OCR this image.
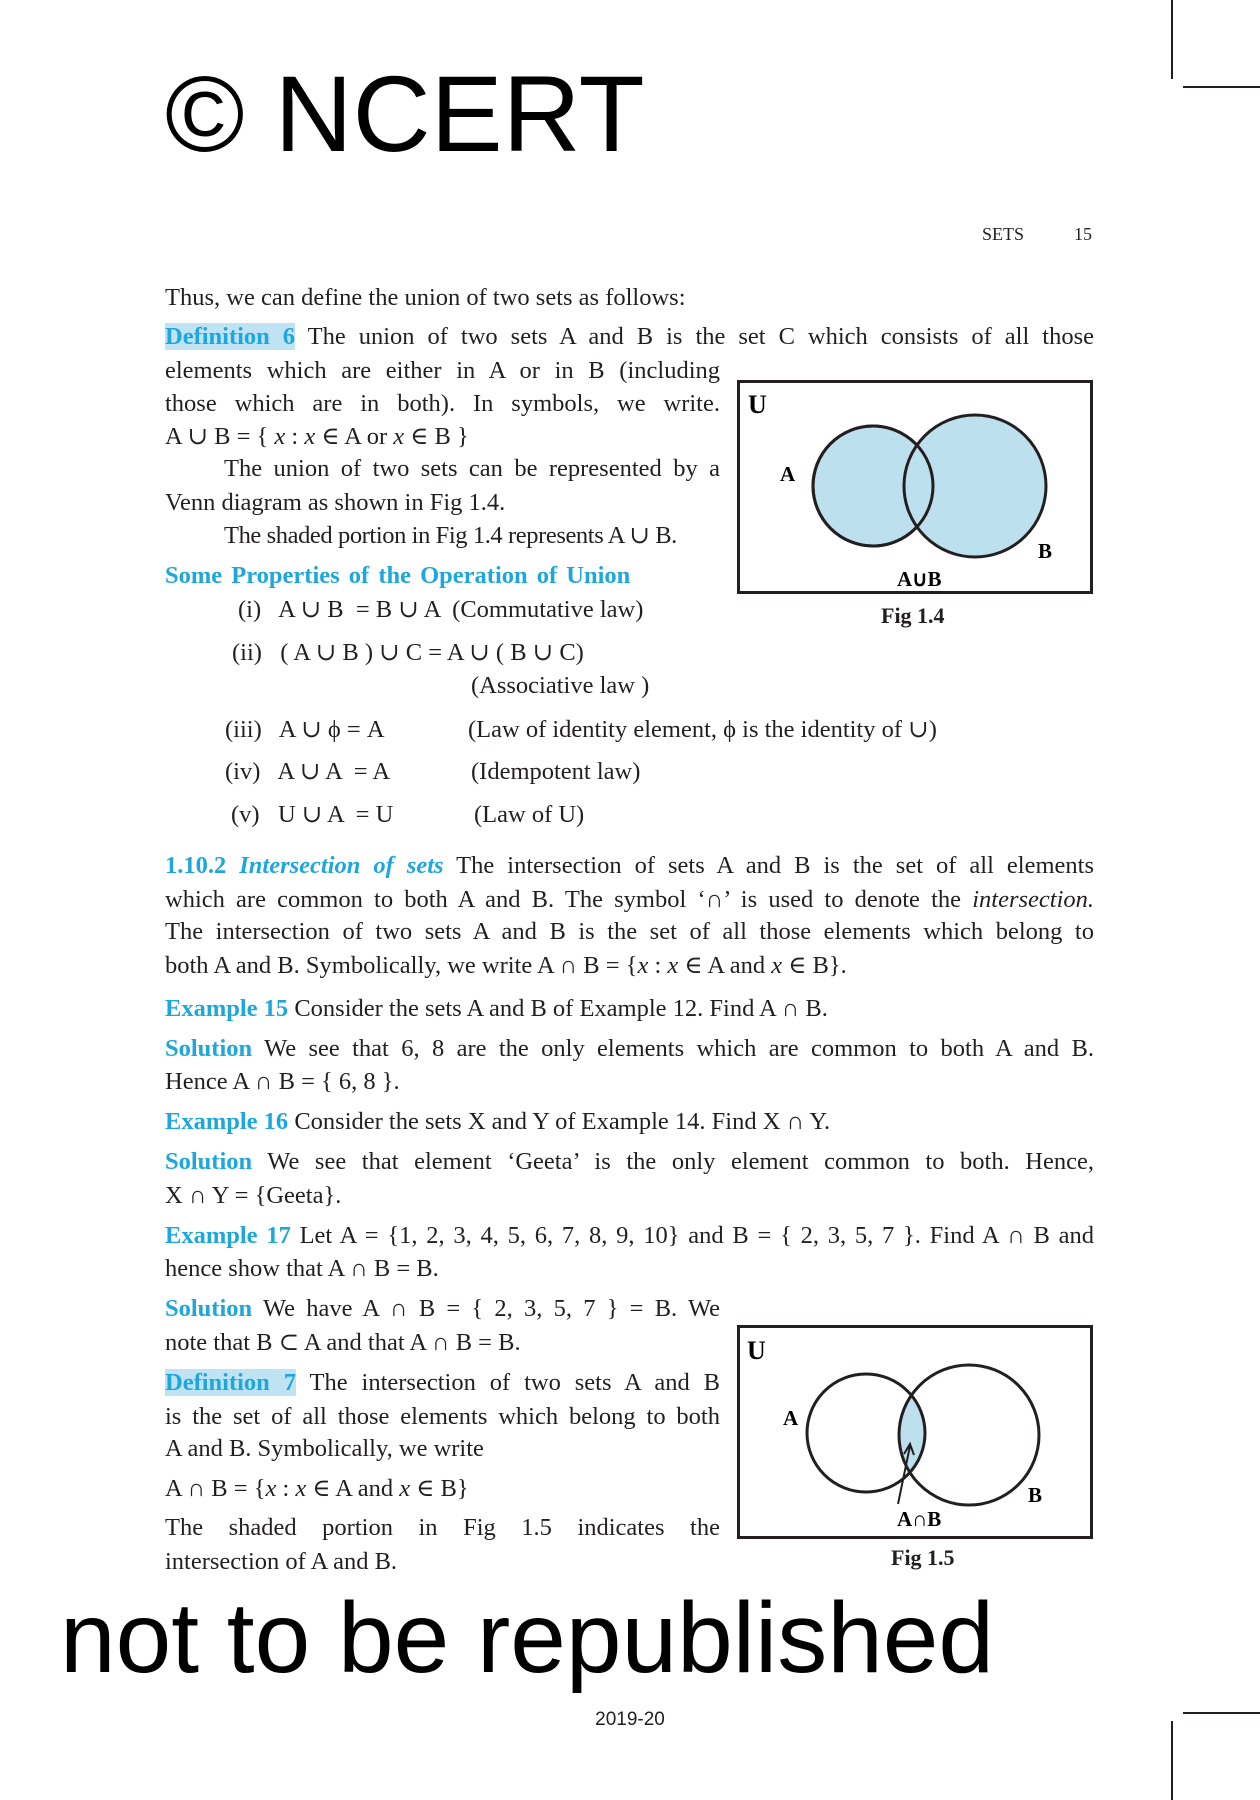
SETS	15
Thus, we can define the union of two sets as follows:
Definition 6 The union of two sets A and B is the set C which consists of all those
elements which are either in A or in B (including
those which are in both). In symbols, we write.
A ∪ B = { x : x ∈ A or x ∈ B }
The union of two sets can be represented by a
Venn diagram as shown in Fig 1.4.
The shaded portion in Fig 1.4 represents A ∪ B.
Some Properties of the Operation of Union
(i)   A ∪ B  = B ∪ A  (Commutative law)
(ii)   ( A ∪ B ) ∪ C = A ∪ ( B ∪ C)
(Associative law )
(iii)   A ∪ ϕ = A	(Law of identity element, ϕ is the identity of ∪)
(iv)   A ∪ A  = A	(Idempotent law)
(v)   U ∪ A  = U	(Law of U)
1.10.2 Intersection of sets The intersection of sets A and B is the set of all elements
which are common to both A and B. The symbol ‘∩’ is used to denote the intersection.
The intersection of two sets A and B is the set of all those elements which belong to
both A and B. Symbolically, we write A ∩ B = {x : x ∈ A and x ∈ B}.
Example 15 Consider the sets A and B of Example 12. Find A ∩ B.
Solution We see that 6, 8 are the only elements which are common to both A and B.
Hence A ∩ B = { 6, 8 }.
Example 16 Consider the sets X and Y of Example 14. Find X ∩ Y.
Solution We see that element ‘Geeta’ is the only element common to both. Hence,
X ∩ Y = {Geeta}.
Example 17 Let A = {1, 2, 3, 4, 5, 6, 7, 8, 9, 10} and B = { 2, 3, 5, 7 }. Find A ∩ B and
hence show that A ∩ B = B.
Solution We have A ∩ B = { 2, 3, 5, 7 } = B. We
note that B ⊂ A and that A ∩ B = B.
Definition 7 The intersection of two sets A and B
is the set of all those elements which belong to both
A and B. Symbolically, we write
A ∩ B = {x : x ∈ A and x ∈ B}
The shaded portion in Fig 1.5 indicates the
intersection of A and B.
U
A
B
A∪B
Fig 1.4
U
A
B
A∩B
Fig 1.5
© NCERT
not to be republished
2019-20
